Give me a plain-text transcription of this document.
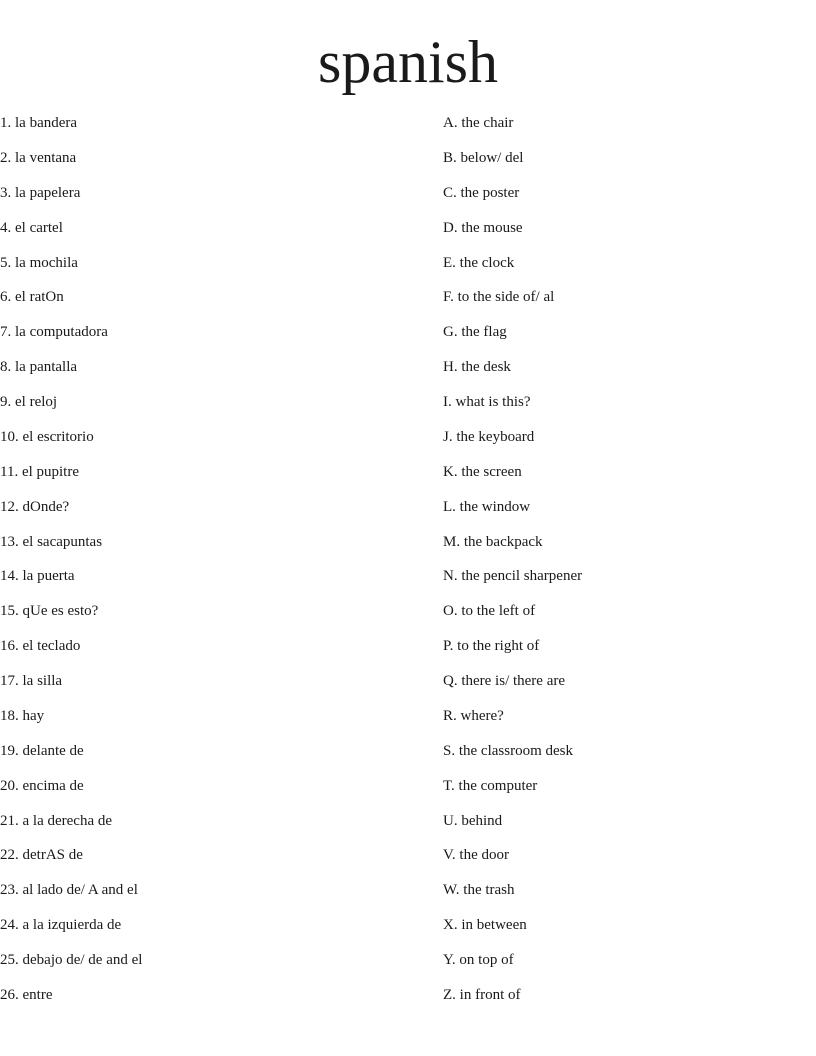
spanish
1. la bandera
2. la ventana
3. la papelera
4. el cartel
5. la mochila
6. el ratOn
7. la computadora
8. la pantalla
9. el reloj
10. el escritorio
11. el pupitre
12. dOnde?
13. el sacapuntas
14. la puerta
15. qUe es esto?
16. el teclado
17. la silla
18. hay
19. delante de
20. encima de
21. a la derecha de
22. detrAS de
23. al lado de/ A and el
24. a la izquierda de
25. debajo de/ de and el
26. entre
A. the chair
B. below/ del
C. the poster
D. the mouse
E. the clock
F. to the side of/ al
G. the flag
H. the desk
I. what is this?
J. the keyboard
K. the screen
L. the window
M. the backpack
N. the pencil sharpener
O. to the left of
P. to the right of
Q. there is/ there are
R. where?
S. the classroom desk
T. the computer
U. behind
V. the door
W. the trash
X. in between
Y. on top of
Z. in front of
